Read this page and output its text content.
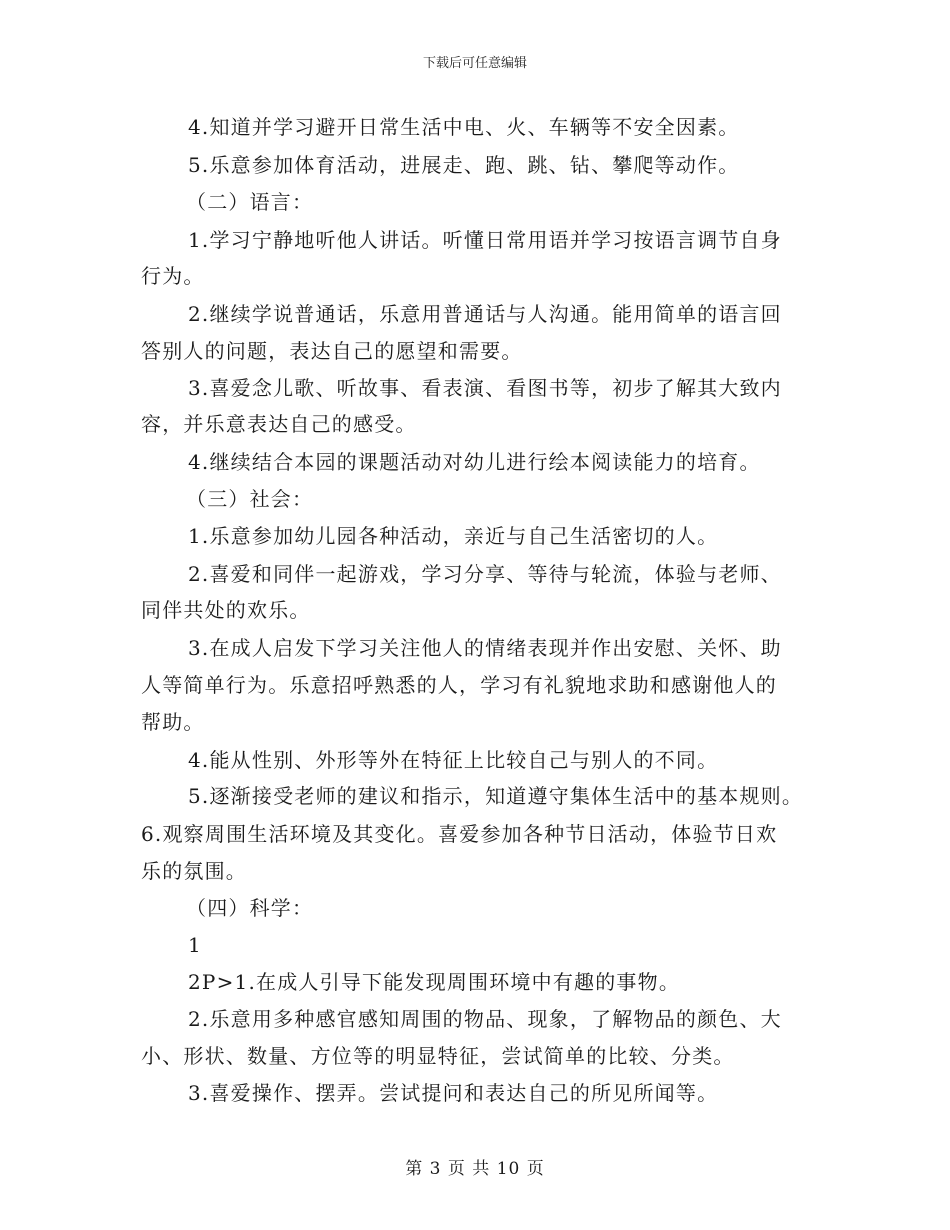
下载后可任意编辑
4.知道并学习避开日常生活中电、火、车辆等不安全因素。
5.乐意参加体育活动，进展走、跑、跳、钻、攀爬等动作。
（二）语言：
1.学习宁静地听他人讲话。听懂日常用语并学习按语言调节自身
行为。
2.继续学说普通话，乐意用普通话与人沟通。能用简单的语言回
答别人的问题，表达自己的愿望和需要。
3.喜爱念儿歌、听故事、看表演、看图书等，初步了解其大致内
容，并乐意表达自己的感受。
4.继续结合本园的课题活动对幼儿进行绘本阅读能力的培育。
（三）社会：
1.乐意参加幼儿园各种活动，亲近与自己生活密切的人。
2.喜爱和同伴一起游戏，学习分享、等待与轮流，体验与老师、
同伴共处的欢乐。
3.在成人启发下学习关注他人的情绪表现并作出安慰、关怀、助
人等简单行为。乐意招呼熟悉的人，学习有礼貌地求助和感谢他人的
帮助。
4.能从性别、外形等外在特征上比较自己与别人的不同。
5.逐渐接受老师的建议和指示，知道遵守集体生活中的基本规则。
6.观察周围生活环境及其变化。喜爱参加各种节日活动，体验节日欢
乐的氛围。
（四）科学：
1
2P>1.在成人引导下能发现周围环境中有趣的事物。
2.乐意用多种感官感知周围的物品、现象，了解物品的颜色、大
小、形状、数量、方位等的明显特征，尝试简单的比较、分类。
3.喜爱操作、摆弄。尝试提问和表达自己的所见所闻等。
第 3 页 共 10 页
